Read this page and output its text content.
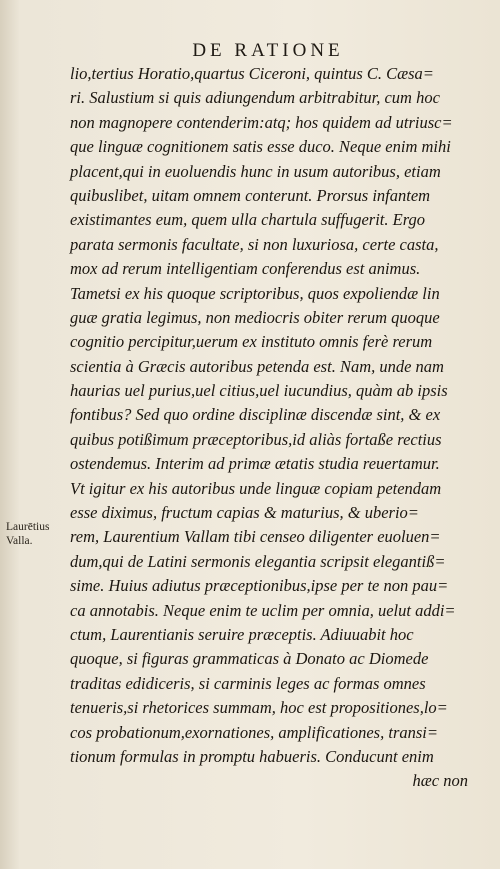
DE RATIONE
Laurētius
Valla.
lio,tertius Horatio,quartus Ciceroni, quintus C. Cæsa=
ri. Salustium si quis adiungendum arbitrabitur, cum hoc
non magnopere contenderim:atq; hos quidem ad utriusc=
que linguæ cognitionem satis esse duco. Neque enim mihi
placent,qui in euoluendis hunc in usum autoribus, etiam
quibuslibet, uitam omnem conterunt. Prorsus infantem
existimantes eum, quem ulla chartula suffugerit. Ergo
parata sermonis facultate, si non luxuriosa, certe casta,
mox ad rerum intelligentiam conferendus est animus.
Tametsi ex his quoque scriptoribus, quos expoliendæ lin
guæ gratia legimus, non mediocris obiter rerum quoque
cognitio percipitur,uerum ex instituto omnis ferè rerum
scientia à Græcis autoribus petenda est. Nam, unde nam
haurias uel purius,uel citius,uel iucundius, quàm ab ipsis
fontibus? Sed quo ordine disciplinæ discendæ sint, & ex
quibus potißimum præceptoribus,id aliàs fortaße rectius
ostendemus. Interim ad primæ ætatis studia reuertamur.
Vt igitur ex his autoribus unde linguæ copiam petendam
esse diximus, fructum capias & maturius, & uberio=
rem, Laurentium Vallam tibi censeo diligenter euoluen=
dum,qui de Latini sermonis elegantia scripsit elegantiß=
sime. Huius adiutus præceptionibus,ipse per te non pau=
ca annotabis. Neque enim te uclim per omnia, uelut addi=
ctum, Laurentianis seruire præceptis. Adiuuabit hoc
quoque, si figuras grammaticas à Donato ac Diomede
traditas edidiceris, si carminis leges ac formas omnes
tenueris,si rhetorices summam, hoc est propositiones,lo=
cos probationum,exornationes, amplificationes, transi=
tionum formulas in promptu habueris. Conducunt enim
hæc non
